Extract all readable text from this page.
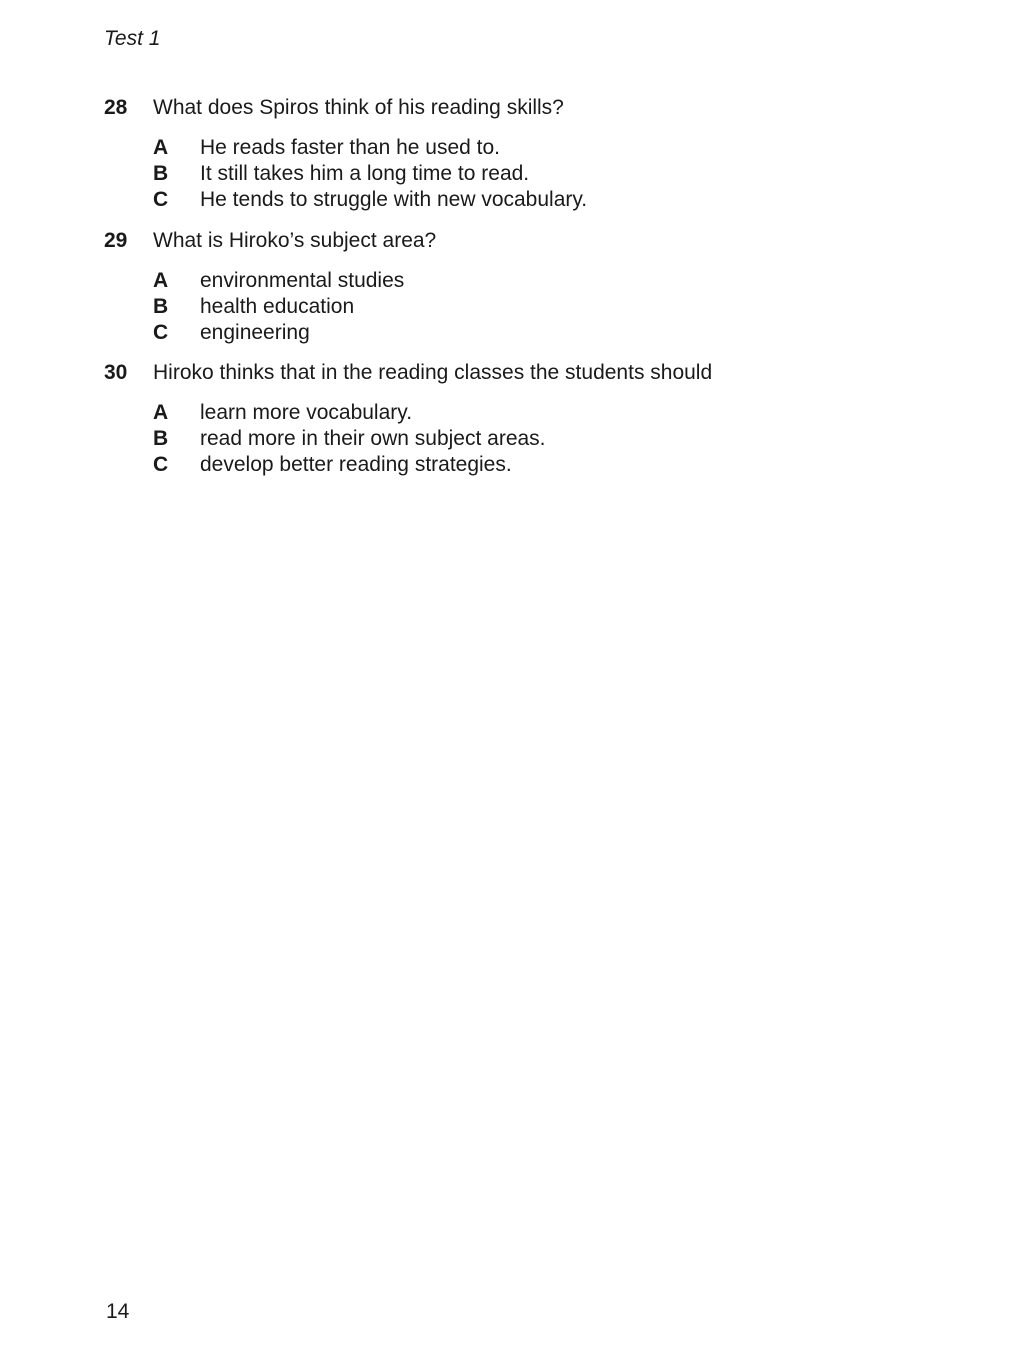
Test 1
28	What does Spiros think of his reading skills?
A	He reads faster than he used to.
B	It still takes him a long time to read.
C	He tends to struggle with new vocabulary.
29	What is Hiroko’s subject area?
A	environmental studies
B	health education
C	engineering
30	Hiroko thinks that in the reading classes the students should
A	learn more vocabulary.
B	read more in their own subject areas.
C	develop better reading strategies.
14
